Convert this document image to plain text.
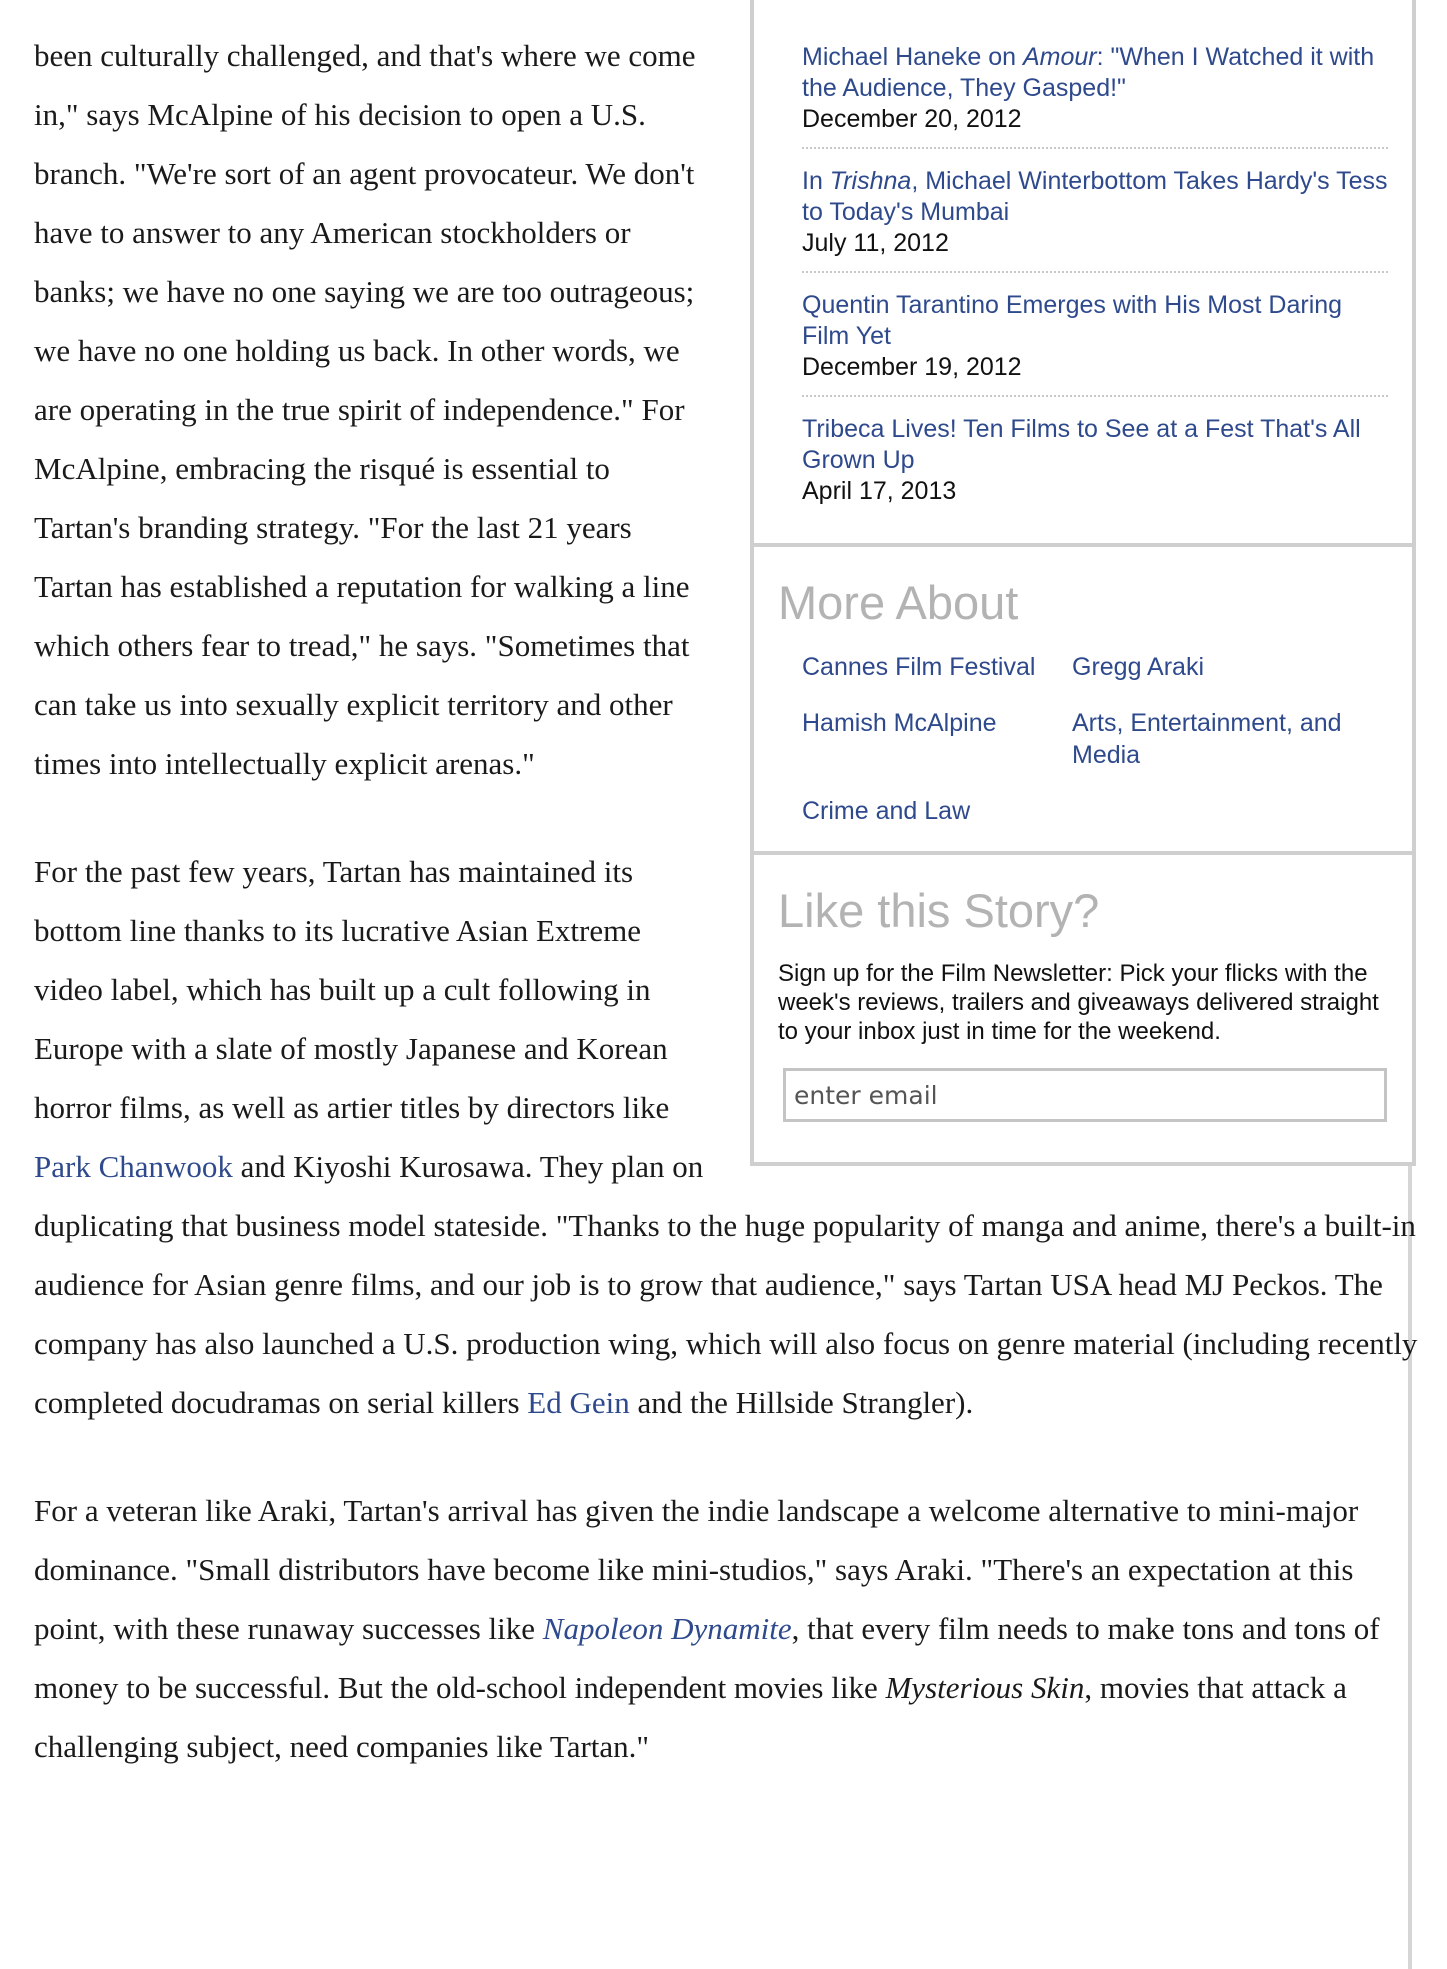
Michael Haneke on Amour: "When I Watched it with the Audience, They Gasped!"
December 20, 2012
In Trishna, Michael Winterbottom Takes Hardy's Tess to Today's Mumbai
July 11, 2012
Quentin Tarantino Emerges with His Most Daring Film Yet
December 19, 2012
Tribeca Lives! Ten Films to See at a Fest That's All Grown Up
April 17, 2013
More About
Cannes Film Festival	Gregg Araki
Hamish McAlpine	Arts, Entertainment, and Media
Crime and Law
Like this Story?
Sign up for the Film Newsletter: Pick your flicks with the week's reviews, trailers and giveaways delivered straight to your inbox just in time for the weekend.
enter email

been culturally challenged, and that's where we come in," says McAlpine of his decision to open a U.S. branch. "We're sort of an agent provocateur. We don't have to answer to any American stockholders or banks; we have no one saying we are too outrageous; we have no one holding us back. In other words, we are operating in the true spirit of independence." For McAlpine, embracing the risqué is essential to Tartan's branding strategy. "For the last 21 years Tartan has established a reputation for walking a line which others fear to tread," he says. "Sometimes that can take us into sexually explicit territory and other times into intellectually explicit arenas."

For the past few years, Tartan has maintained its bottom line thanks to its lucrative Asian Extreme video label, which has built up a cult following in Europe with a slate of mostly Japanese and Korean horror films, as well as artier titles by directors like Park Chanwook and Kiyoshi Kurosawa. They plan on duplicating that business model stateside. "Thanks to the huge popularity of manga and anime, there's a built-in audience for Asian genre films, and our job is to grow that audience," says Tartan USA head MJ Peckos. The company has also launched a U.S. production wing, which will also focus on genre material (including recently completed docudramas on serial killers Ed Gein and the Hillside Strangler).

For a veteran like Araki, Tartan's arrival has given the indie landscape a welcome alternative to mini-major dominance. "Small distributors have become like mini-studios," says Araki. "There's an expectation at this point, with these runaway successes like Napoleon Dynamite, that every film needs to make tons and tons of money to be successful. But the old-school independent movies like Mysterious Skin, movies that attack a challenging subject, need companies like Tartan."
